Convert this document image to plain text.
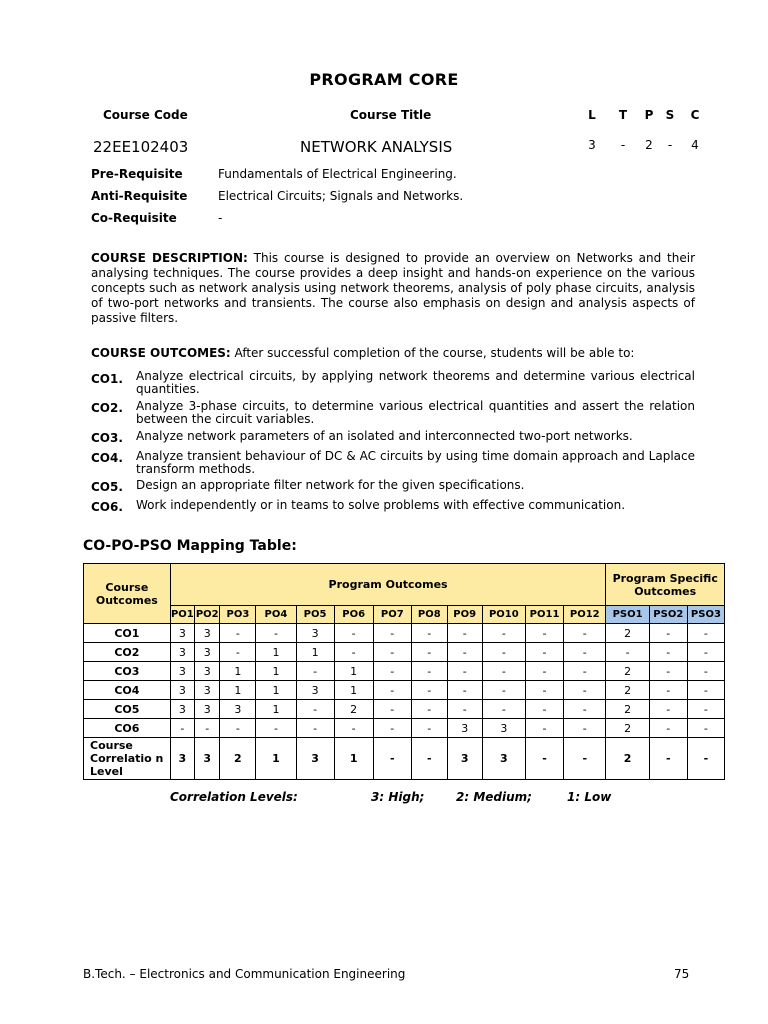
PROGRAM CORE
Course Code	Course Title	L T P S C
22EE102403	NETWORK ANALYSIS	3	-	2	-	4
Pre-Requisite	Fundamentals of Electrical Engineering.
Anti-Requisite	Electrical Circuits; Signals and Networks.
Co-Requisite	-
COURSE DESCRIPTION: This course is designed to provide an overview on Networks and their analysing techniques. The course provides a deep insight and hands-on experience on the various concepts such as network analysis using network theorems, analysis of poly phase circuits, analysis of two-port networks and transients. The course also emphasis on design and analysis aspects of passive filters.
COURSE OUTCOMES: After successful completion of the course, students will be able to:
CO1. Analyze electrical circuits, by applying network theorems and determine various electrical quantities.
CO2. Analyze 3-phase circuits, to determine various electrical quantities and assert the relation between the circuit variables.
CO3. Analyze network parameters of an isolated and interconnected two-port networks.
CO4. Analyze transient behaviour of DC & AC circuits by using time domain approach and Laplace transform methods.
CO5. Design an appropriate filter network for the given specifications.
CO6. Work independently or in teams to solve problems with effective communication.
CO-PO-PSO Mapping Table:
Course Outcomes	Program Outcomes												Program Specific Outcomes		
	PO1	PO2	PO3	PO4	PO5	PO6	PO7	PO8	PO9	PO10	PO11	PO12	PSO1	PSO2	PSO3
CO1	3	3	-	-	3	-	-	-	-	-	-	-	2	-	-
CO2	3	3	-	1	1	-	-	-	-	-	-	-	-	-	-
CO3	3	3	1	1	-	1	-	-	-	-	-	-	2	-	-
CO4	3	3	1	1	3	1	-	-	-	-	-	-	2	-	-
CO5	3	3	3	1	-	2	-	-	-	-	-	-	2	-	-
CO6	-	-	-	-	-	-	-	-	3	3	-	-	2	-	-
Course Correlatio n Level	3	3	2	1	3	1	-	-	3	3	-	-	2	-	-
Correlation Levels:	3: High;	2: Medium;	1: Low
B.Tech. – Electronics and Communication Engineering	75
